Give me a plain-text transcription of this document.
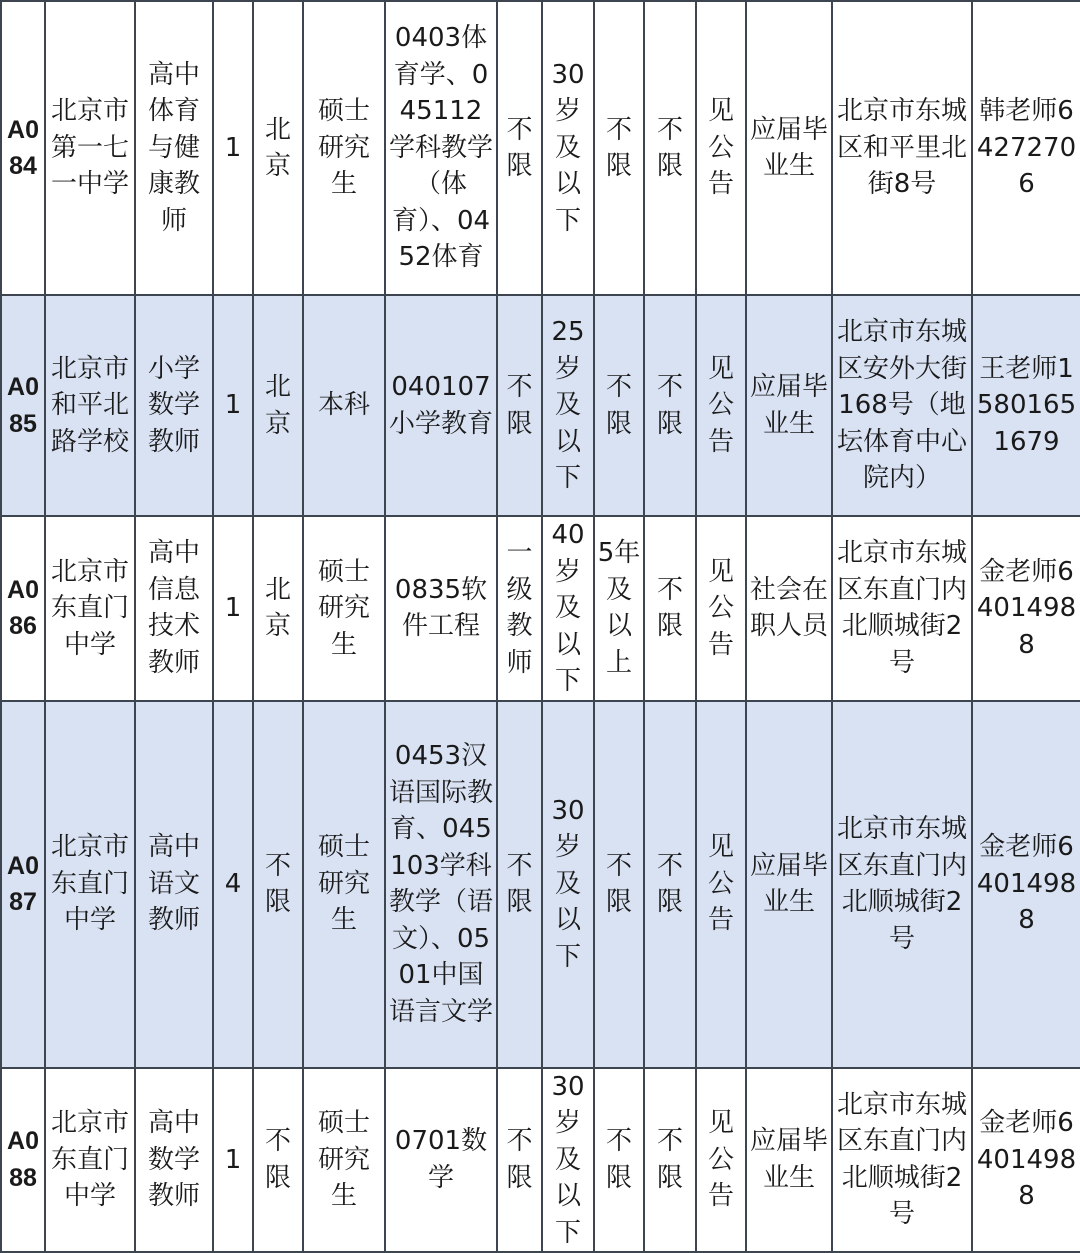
A084	北京市第一七一中学	高中体育与健康教师	1	北京	硕士研究生	0403体育学、045112学科教学（体育）、0452体育	不限	30岁及以下	不限	不限	见公告	应届毕业生	北京市东城区和平里北街8号	韩老师64272706
A085	北京市和平北路学校	小学数学教师	1	北京	本科	040107小学教育	不限	25岁及以下	不限	不限	见公告	应届毕业生	北京市东城区安外大街168号（地坛体育中心院内）	王老师15801651679
A086	北京市东直门中学	高中信息技术教师	1	北京	硕士研究生	0835软件工程	一级教师	40岁及以下	5年及以上	不限	见公告	社会在职人员	北京市东城区东直门内北顺城街2号	金老师64014988
A087	北京市东直门中学	高中语文教师	4	不限	硕士研究生	0453汉语国际教育、045103学科教学（语文）、0501中国语言文学	不限	30岁及以下	不限	不限	见公告	应届毕业生	北京市东城区东直门内北顺城街2号	金老师64014988
A088	北京市东直门中学	高中数学教师	1	不限	硕士研究生	0701数学	不限	30岁及以下	不限	不限	见公告	应届毕业生	北京市东城区东直门内北顺城街2号	金老师64014988
